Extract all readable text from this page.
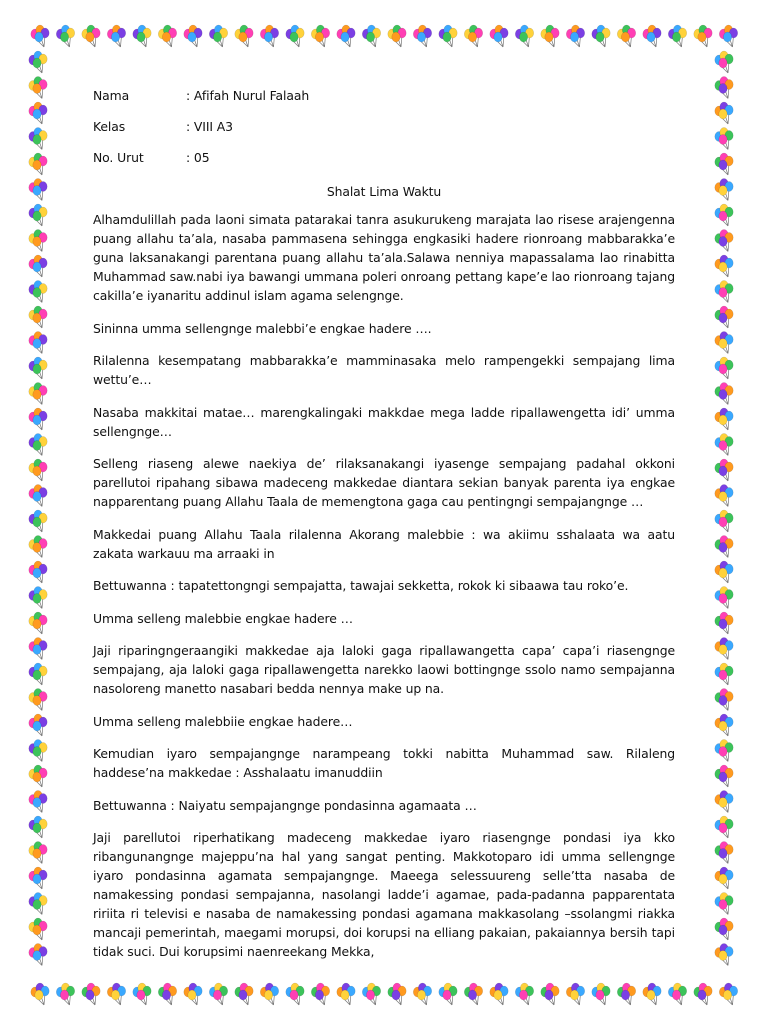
Nama	: Afifah Nurul Falaah
Kelas	: VIII A3
No. Urut	: 05
Shalat Lima Waktu

Alhamdulillah pada laoni simata patarakai tanra asukurukeng marajata lao risese arajengenna puang allahu ta’ala, nasaba pammasena sehingga engkasiki hadere rionroang mabbarakka’e guna laksanakangi parentana puang allahu ta’ala.Salawa nenniya mapassalama lao rinabitta Muhammad saw.nabi iya bawangi ummana poleri onroang pettang kape’e lao rionroang tajang cakilla’e iyanaritu addinul islam agama selengnge.

Sininna umma sellengnge malebbi’e engkae hadere ….

Rilalenna kesempatang mabbarakka’e mamminasaka melo rampengekki sempajang lima wettu’e…

Nasaba makkitai matae… marengkalingaki makkdae mega ladde ripallawengetta idi’ umma sellengnge…

Selleng riaseng alewe naekiya de’ rilaksanakangi iyasenge sempajang padahal okkoni parellutoi ripahang sibawa madeceng makkedae diantara sekian banyak parenta iya engkae napparentang puang Allahu Taala de memengtona gaga cau pentingngi sempajangnge …

Makkedai puang Allahu Taala rilalenna Akorang malebbie : wa akiimu sshalaata wa aatu zakata warkauu ma arraaki in

Bettuwanna : tapatettongngi sempajatta, tawajai sekketta, rokok ki sibaawa tau roko’e.

Umma selleng malebbie engkae hadere …

Jaji riparingngeraangiki makkedae aja laloki gaga ripallawangetta capa’ capa’i riasengnge sempajang, aja laloki gaga ripallawengetta narekko laowi bottingnge ssolo namo sempajanna nasoloreng manetto nasabari bedda nennya make up na.

Umma selleng malebbiie engkae hadere…

Kemudian iyaro sempajangnge narampeang tokki nabitta Muhammad saw. Rilaleng haddese’na makkedae : Asshalaatu imanuddiin

Bettuwanna : Naiyatu sempajangnge pondasinna agamaata …

Jaji parellutoi riperhatikang madeceng makkedae iyaro riasengnge pondasi iya kko ribangunangnge majeppu’na hal yang sangat penting. Makkotoparo idi umma sellengnge iyaro pondasinna agamata sempajangnge. Maeega selessuureng selle’tta nasaba de namakessing pondasi sempajanna, nasolangi ladde’i agamae, pada-padanna papparentata ririita ri televisi e nasaba de namakessing pondasi agamana makkasolang –ssolangmi riakka mancaji pemerintah, maegami morupsi, doi korupsi na elliang pakaian, pakaiannya bersih tapi tidak suci. Dui korupsimi naenreekang Mekka,
